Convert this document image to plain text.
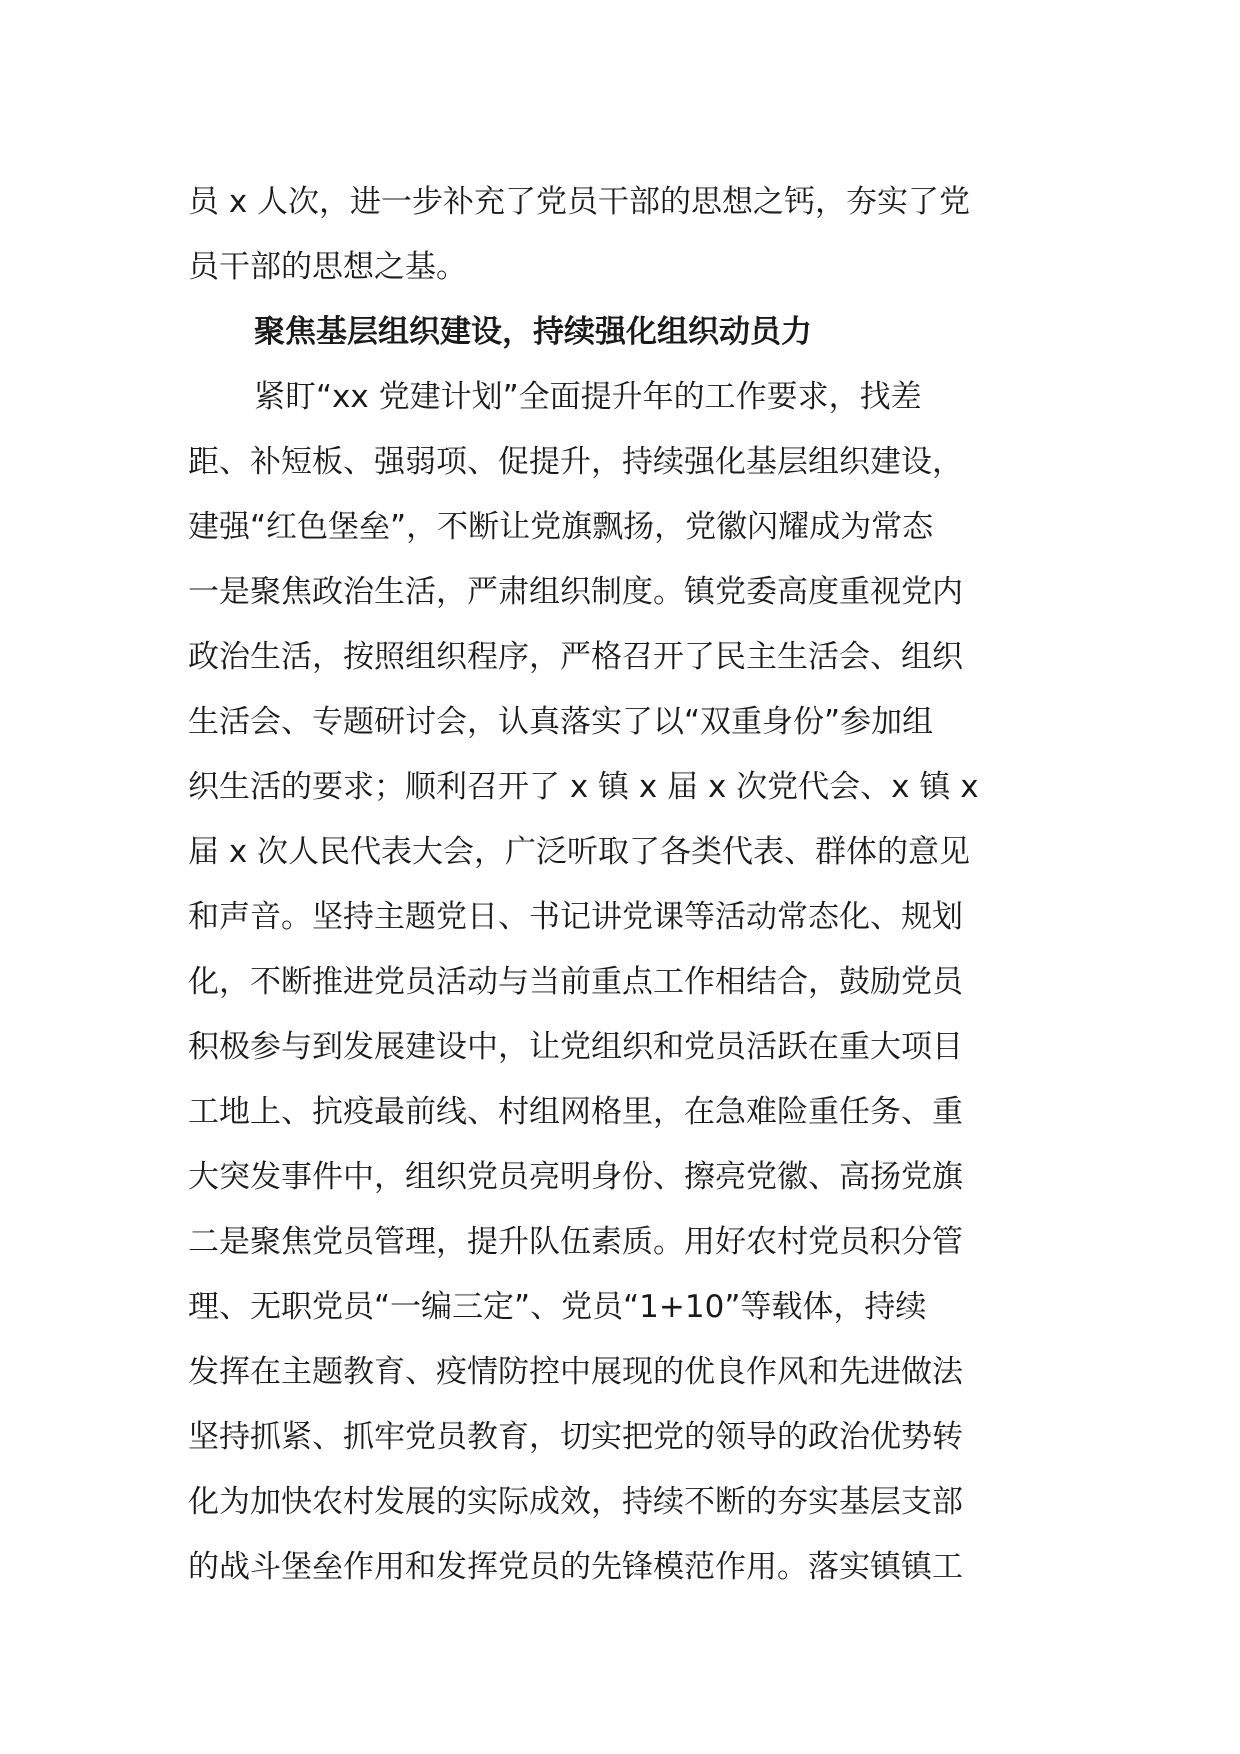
员 x 人次，进一步补充了党员干部的思想之钙，夯实了党
员干部的思想之基。
聚焦基层组织建设，持续强化组织动员力
紧盯“xx 党建计划”全面提升年的工作要求，找差
距、补短板、强弱项、促提升，持续强化基层组织建设，
建强“红色堡垒”，不断让党旗飘扬，党徽闪耀成为常态
一是聚焦政治生活，严肃组织制度。镇党委高度重视党内
政治生活，按照组织程序，严格召开了民主生活会、组织
生活会、专题研讨会，认真落实了以“双重身份”参加组
织生活的要求；顺利召开了 x 镇 x 届 x 次党代会、x 镇 x
届 x 次人民代表大会，广泛听取了各类代表、群体的意见
和声音。坚持主题党日、书记讲党课等活动常态化、规划
化，不断推进党员活动与当前重点工作相结合，鼓励党员
积极参与到发展建设中，让党组织和党员活跃在重大项目
工地上、抗疫最前线、村组网格里，在急难险重任务、重
大突发事件中，组织党员亮明身份、擦亮党徽、高扬党旗
二是聚焦党员管理，提升队伍素质。用好农村党员积分管
理、无职党员“一编三定”、党员“1+10”等载体，持续
发挥在主题教育、疫情防控中展现的优良作风和先进做法
坚持抓紧、抓牢党员教育，切实把党的领导的政治优势转
化为加快农村发展的实际成效，持续不断的夯实基层支部
的战斗堡垒作用和发挥党员的先锋模范作用。落实镇镇工
